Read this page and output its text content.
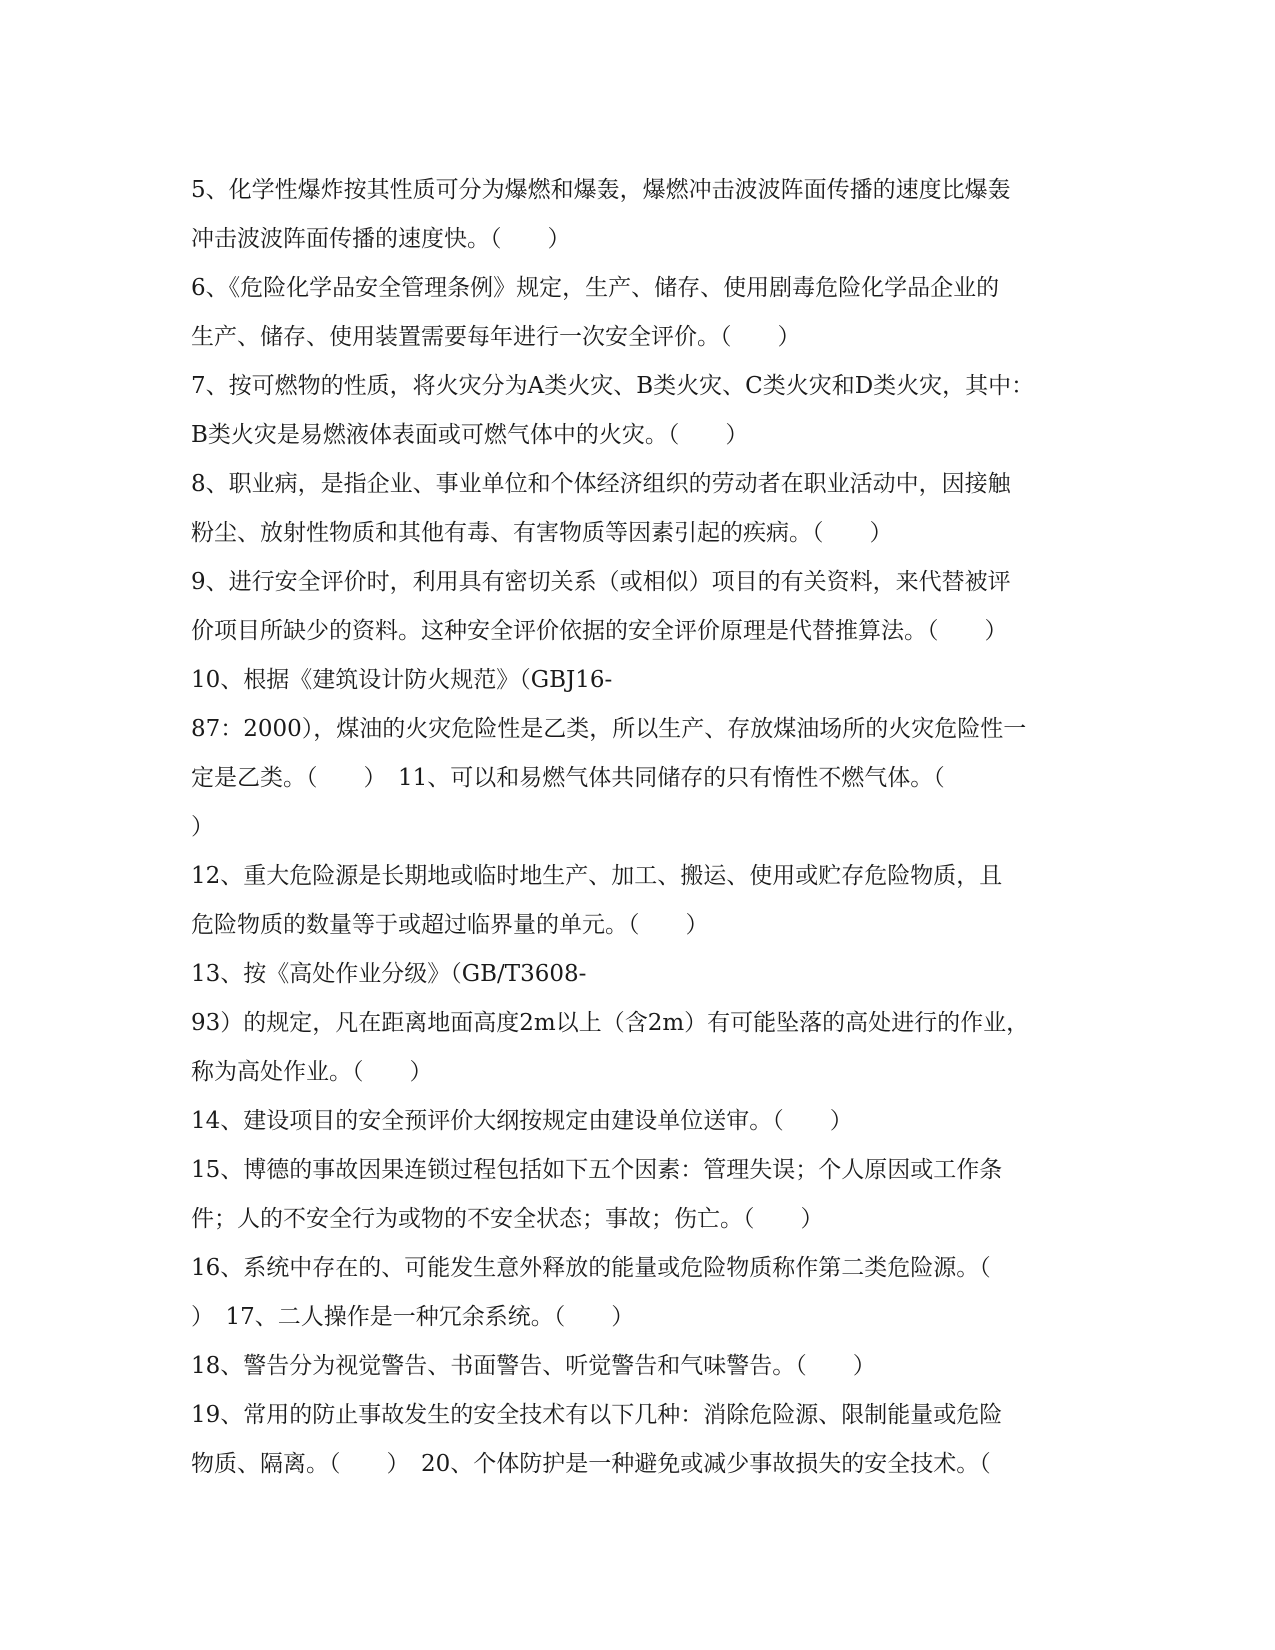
5、化学性爆炸按其性质可分为爆燃和爆轰，爆燃冲击波波阵面传播的速度比爆轰
冲击波波阵面传播的速度快。（　　）
6、《危险化学品安全管理条例》规定，生产、储存、使用剧毒危险化学品企业的
生产、储存、使用装置需要每年进行一次安全评价。（　　）
7、按可燃物的性质，将火灾分为A类火灾、B类火灾、C类火灾和D类火灾，其中：
B类火灾是易燃液体表面或可燃气体中的火灾。（　　）
8、职业病，是指企业、事业单位和个体经济组织的劳动者在职业活动中，因接触
粉尘、放射性物质和其他有毒、有害物质等因素引起的疾病。（　　）
9、进行安全评价时，利用具有密切关系（或相似）项目的有关资料，来代替被评
价项目所缺少的资料。这种安全评价依据的安全评价原理是代替推算法。（　　）
10、根据《建筑设计防火规范》（GBJ16-
87：2000），煤油的火灾危险性是乙类，所以生产、存放煤油场所的火灾危险性一
定是乙类。（　　）　11、可以和易燃气体共同储存的只有惰性不燃气体。（
）
12、重大危险源是长期地或临时地生产、加工、搬运、使用或贮存危险物质，且
危险物质的数量等于或超过临界量的单元。（　　）
13、按《高处作业分级》（GB/T3608-
93）的规定，凡在距离地面高度2m以上（含2m）有可能坠落的高处进行的作业，
称为高处作业。（　　）
14、建设项目的安全预评价大纲按规定由建设单位送审。（　　）
15、博德的事故因果连锁过程包括如下五个因素：管理失误；个人原因或工作条
件；人的不安全行为或物的不安全状态；事故；伤亡。（　　）
16、系统中存在的、可能发生意外释放的能量或危险物质称作第二类危险源。（
）　17、二人操作是一种冗余系统。（　　）
18、警告分为视觉警告、书面警告、听觉警告和气味警告。（　　）
19、常用的防止事故发生的安全技术有以下几种：消除危险源、限制能量或危险
物质、隔离。（　　）　20、个体防护是一种避免或减少事故损失的安全技术。（
